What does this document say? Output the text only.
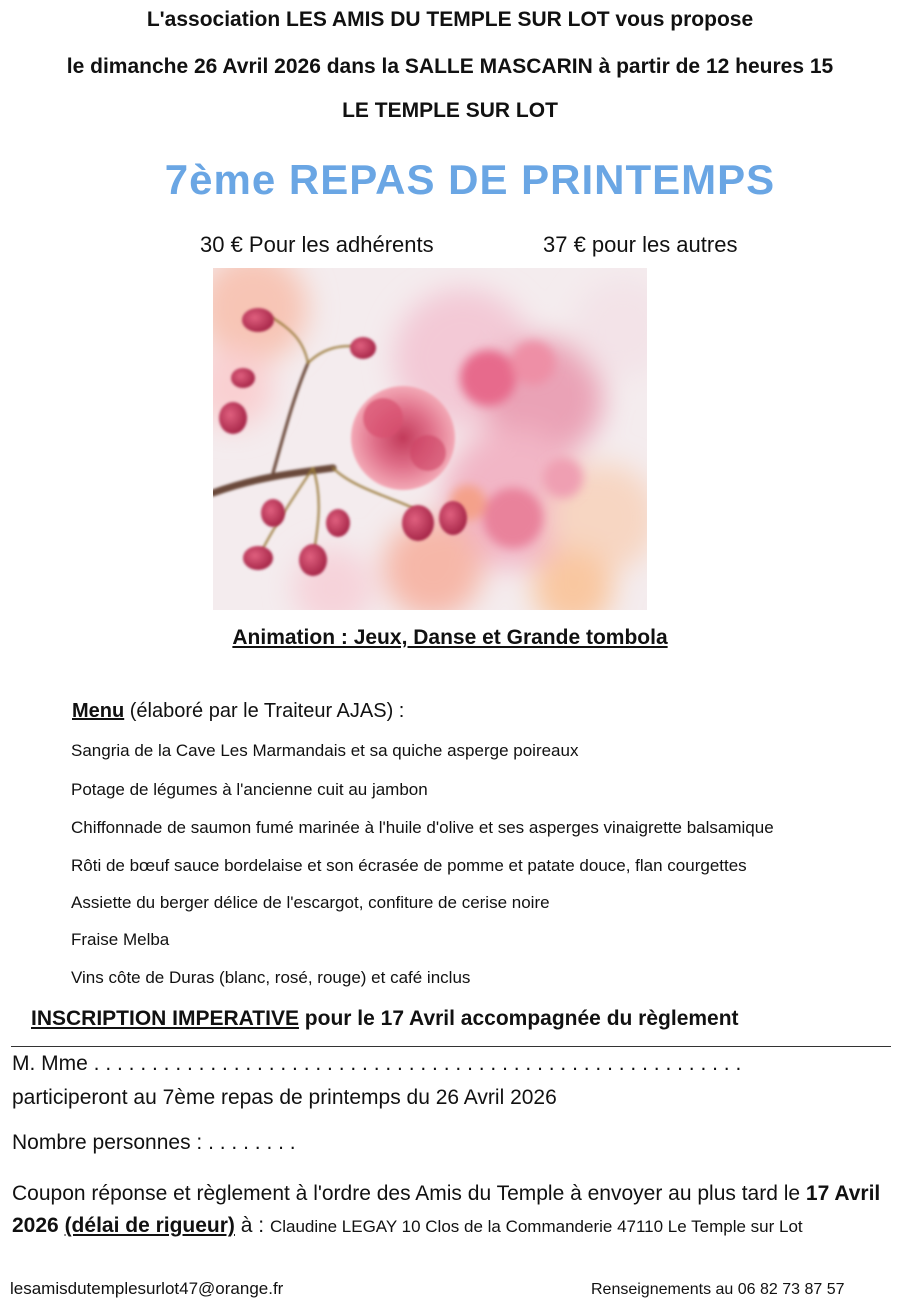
L'association LES AMIS DU TEMPLE SUR LOT vous propose
le dimanche 26 Avril 2026 dans la SALLE MASCARIN à partir de 12 heures 15
LE TEMPLE SUR LOT
7ème REPAS DE PRINTEMPS
30 € Pour les adhérents	37 € pour les autres
Animation : Jeux, Danse et Grande tombola
Menu (élaboré par le Traiteur AJAS) :
Sangria de la Cave Les Marmandais et sa quiche asperge poireaux
Potage de légumes à l'ancienne cuit au jambon
Chiffonnade de saumon fumé marinée à l'huile d'olive et ses asperges vinaigrette balsamique
Rôti de bœuf sauce bordelaise et son écrasée de pomme et patate douce, flan courgettes
Assiette du berger délice de l'escargot, confiture de cerise noire
Fraise Melba
Vins côte de Duras (blanc, rosé, rouge) et café inclus
INSCRIPTION IMPERATIVE pour le 17 Avril accompagnée du règlement
M. Mme . . . . . . . . . . . . . . . . . . . . . . . . . . . . . . . . . . . . . . . . . . . . . . . . . . . . . . . .
participeront au 7ème repas de printemps du 26 Avril 2026
Nombre personnes : . . . . . . . .
Coupon réponse et règlement à l'ordre des Amis du Temple à envoyer au plus tard le 17 Avril 2026 (délai de rigueur) à : Claudine LEGAY 10 Clos de la Commanderie 47110 Le Temple sur Lot
lesamisdutemplesurlot47@orange.fr	Renseignements au 06 82 73 87 57
